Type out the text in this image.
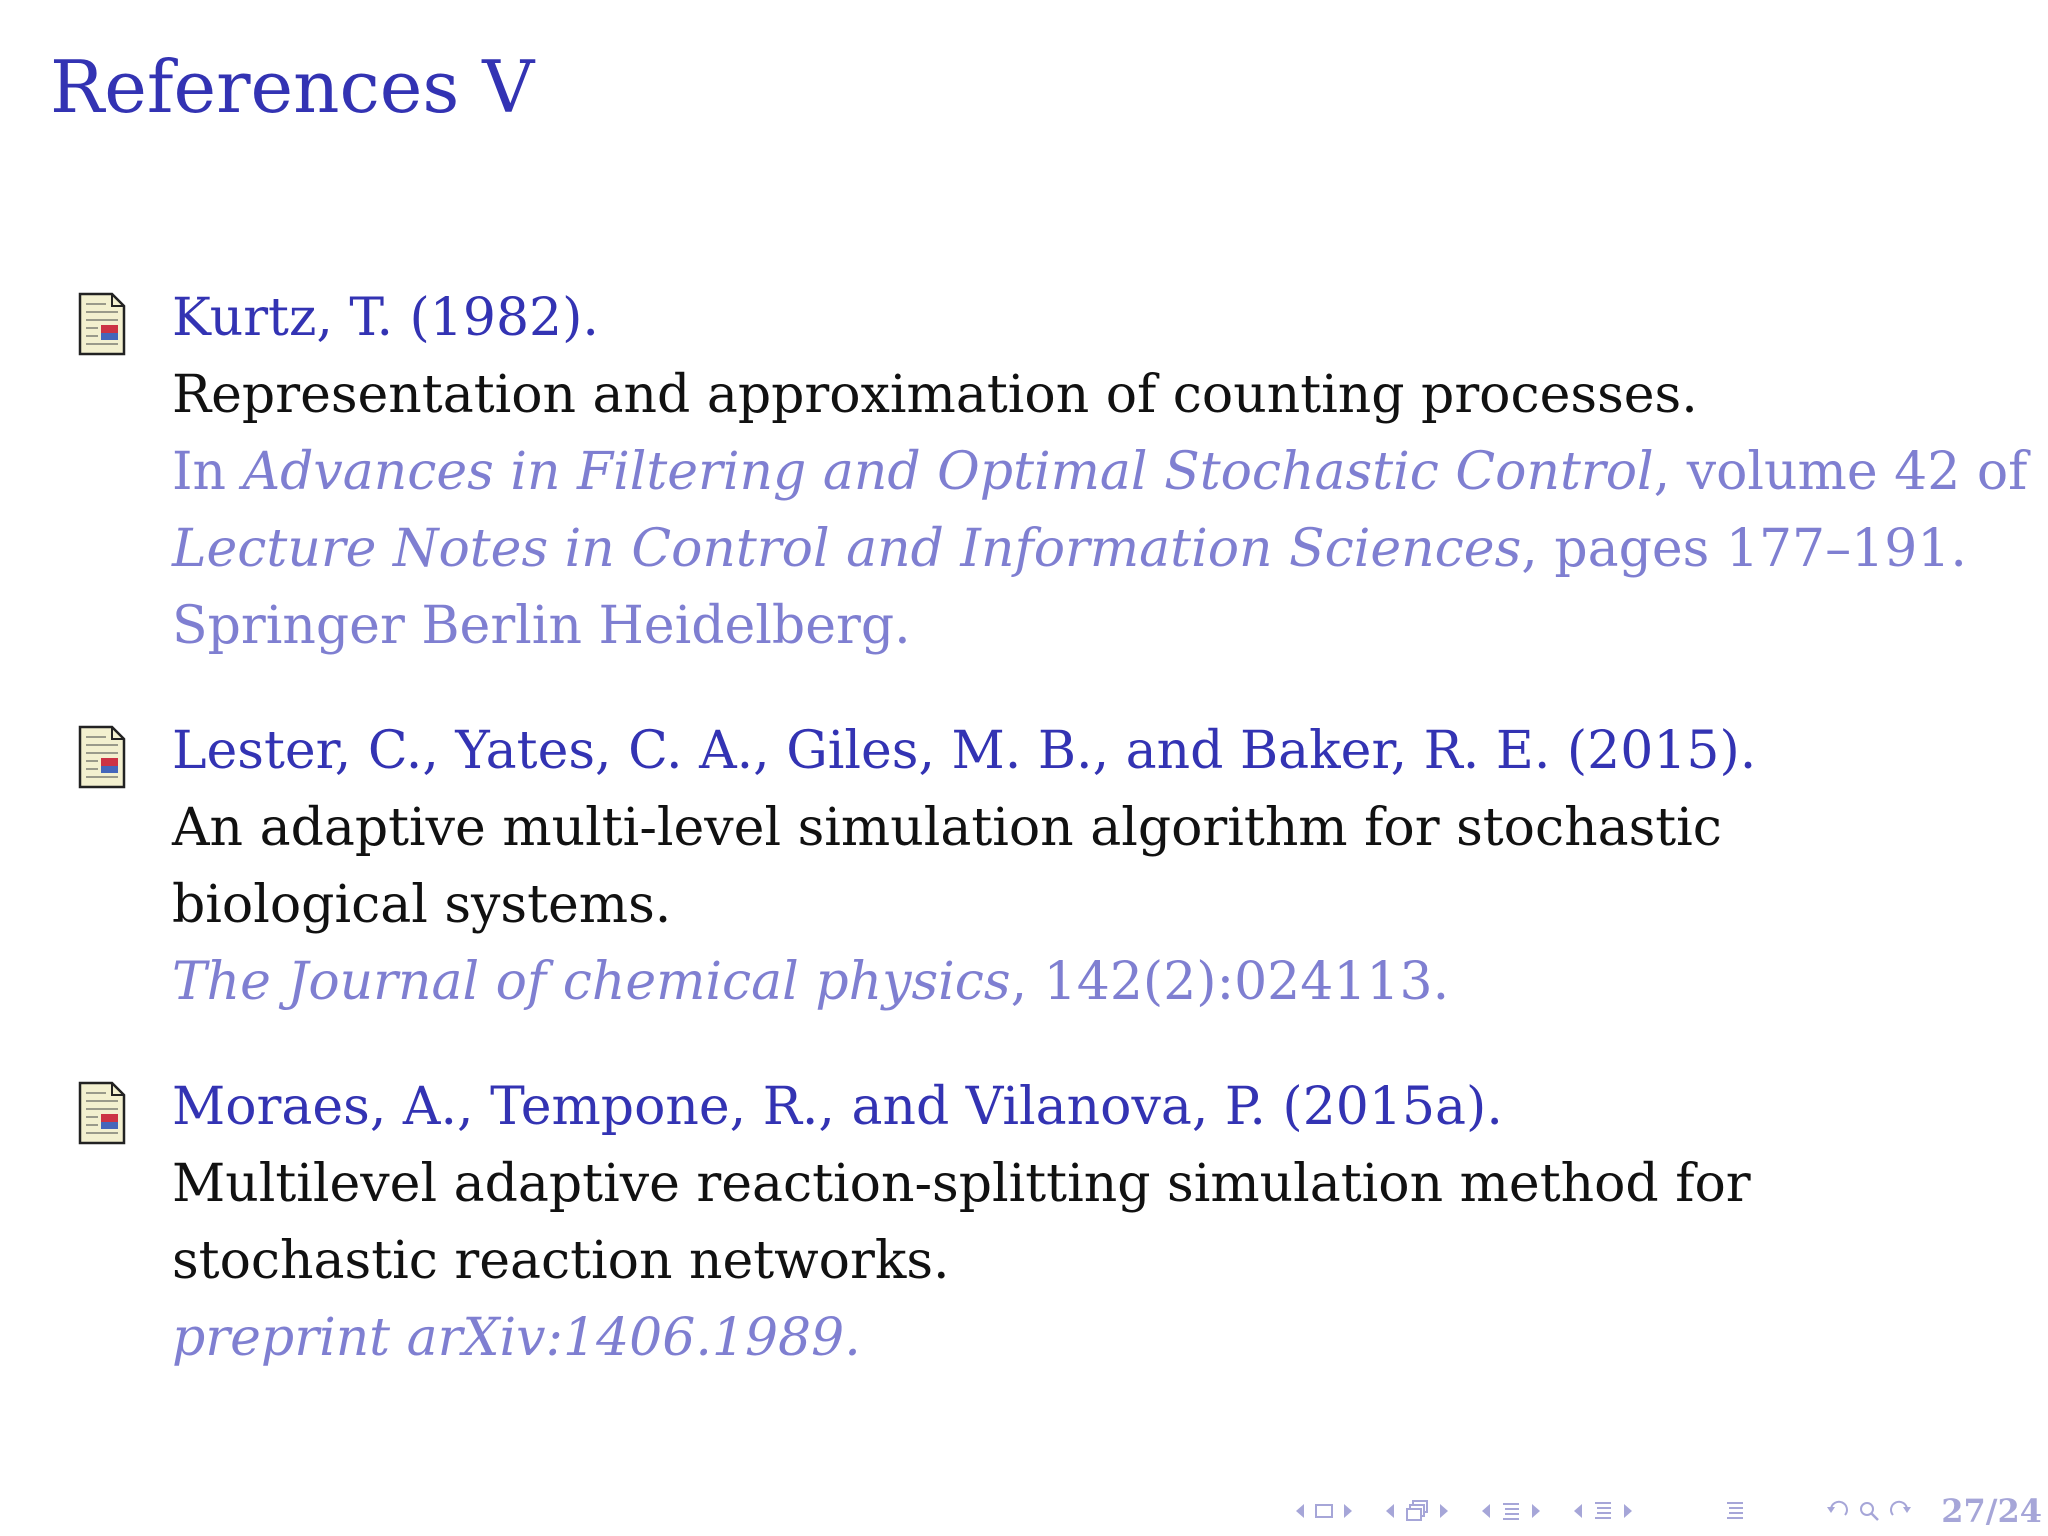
References V
Kurtz, T. (1982).
Representation and approximation of counting processes.
In Advances in Filtering and Optimal Stochastic Control, volume 42 of Lecture Notes in Control and Information Sciences, pages 177–191. Springer Berlin Heidelberg.
Lester, C., Yates, C. A., Giles, M. B., and Baker, R. E. (2015).
An adaptive multi-level simulation algorithm for stochastic biological systems.
The Journal of chemical physics, 142(2):024113.
Moraes, A., Tempone, R., and Vilanova, P. (2015a).
Multilevel adaptive reaction-splitting simulation method for stochastic reaction networks.
preprint arXiv:1406.1989.
27/24
